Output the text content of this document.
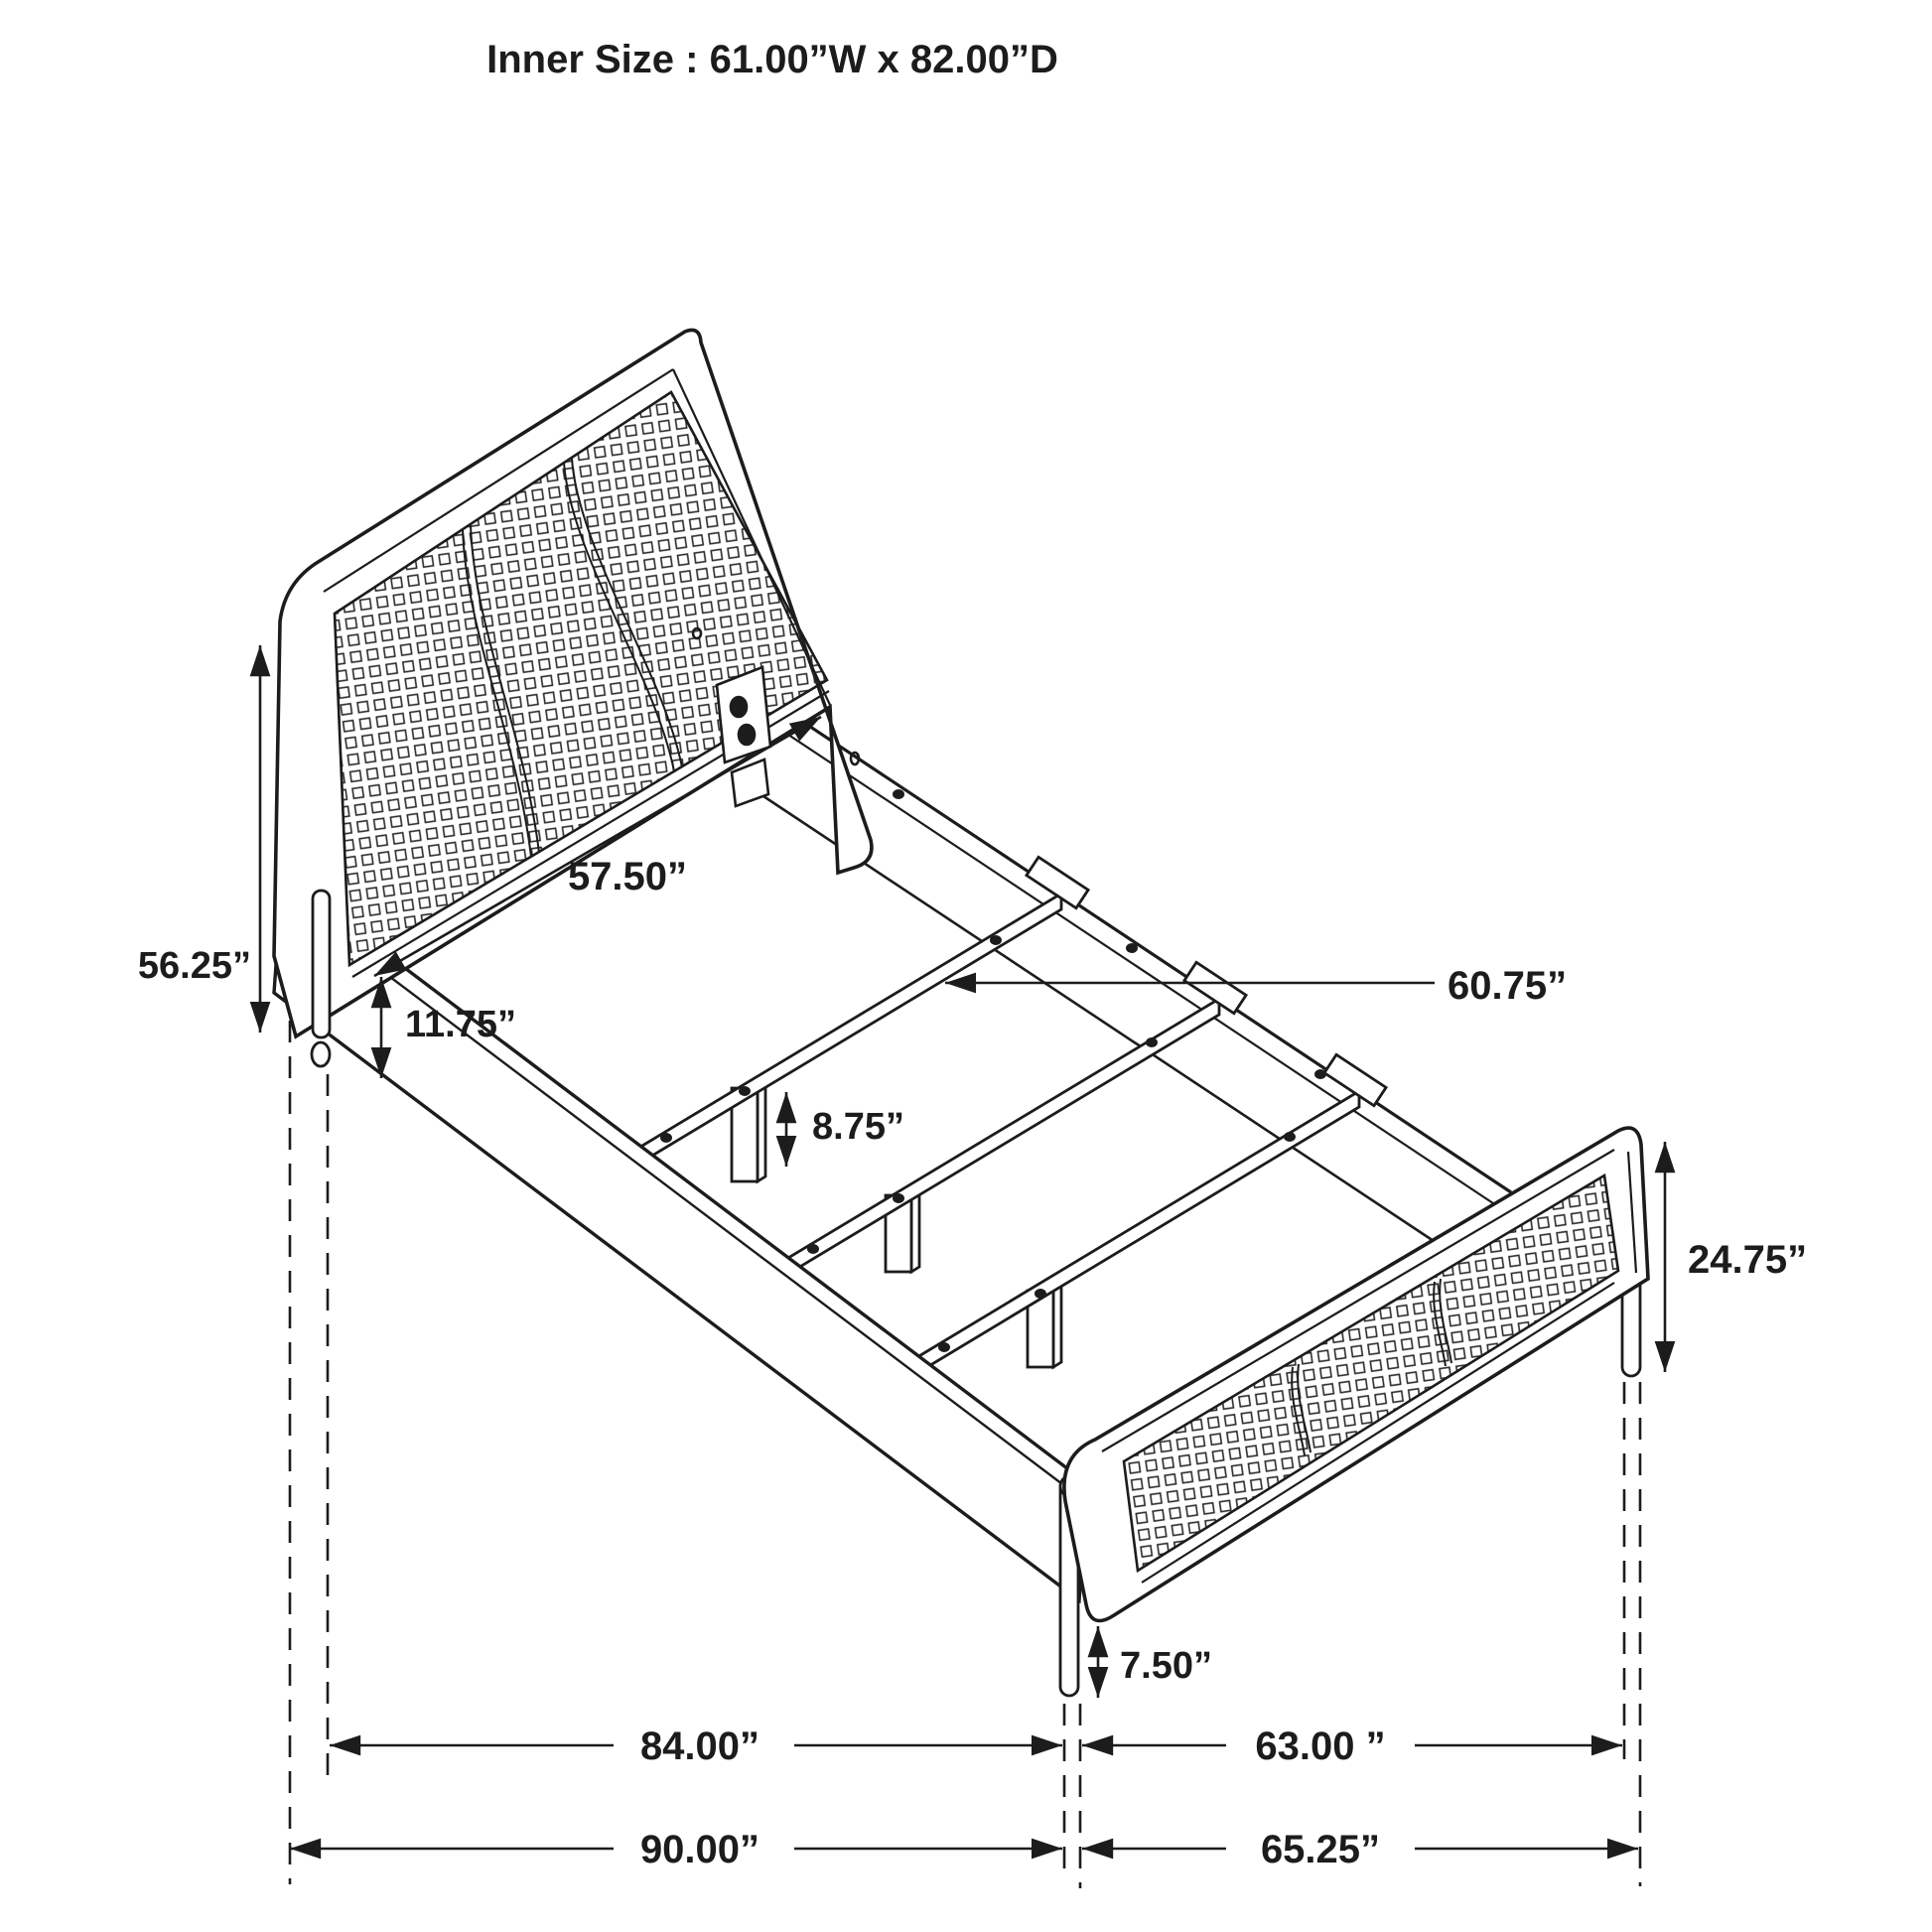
Inner Size : 61.00”W x 82.00”D
56.25”
57.50”
11.75”
8.75”
60.75”
24.75”
7.50”
84.00”	63.00 ”
90.00”	65.25”
